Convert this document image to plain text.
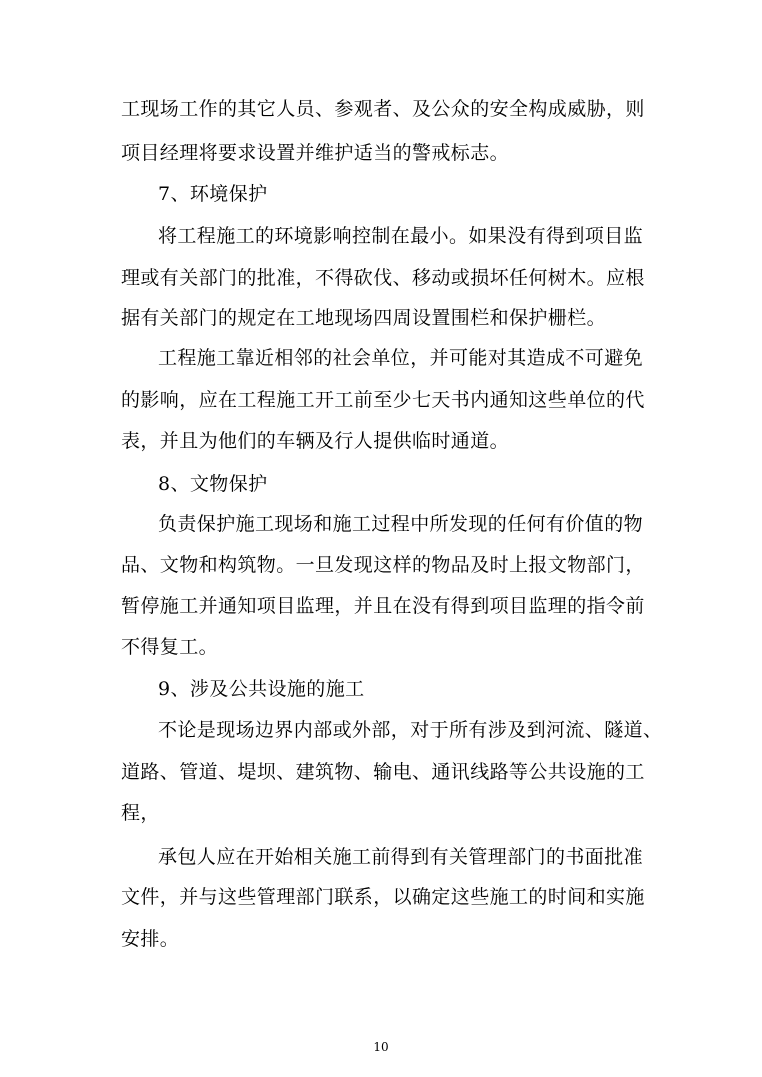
工现场工作的其它人员、参观者、及公众的安全构成威胁，则
项目经理将要求设置并维护适当的警戒标志。
7、环境保护
将工程施工的环境影响控制在最小。如果没有得到项目监
理或有关部门的批准，不得砍伐、移动或损坏任何树木。应根
据有关部门的规定在工地现场四周设置围栏和保护栅栏。
工程施工靠近相邻的社会单位，并可能对其造成不可避免
的影响，应在工程施工开工前至少七天书内通知这些单位的代
表，并且为他们的车辆及行人提供临时通道。
8、文物保护
负责保护施工现场和施工过程中所发现的任何有价值的物
品、文物和构筑物。一旦发现这样的物品及时上报文物部门，
暂停施工并通知项目监理，并且在没有得到项目监理的指令前
不得复工。
9、涉及公共设施的施工
不论是现场边界内部或外部，对于所有涉及到河流、隧道、
道路、管道、堤坝、建筑物、输电、通讯线路等公共设施的工
程，
承包人应在开始相关施工前得到有关管理部门的书面批准
文件，并与这些管理部门联系，以确定这些施工的时间和实施
安排。
10
